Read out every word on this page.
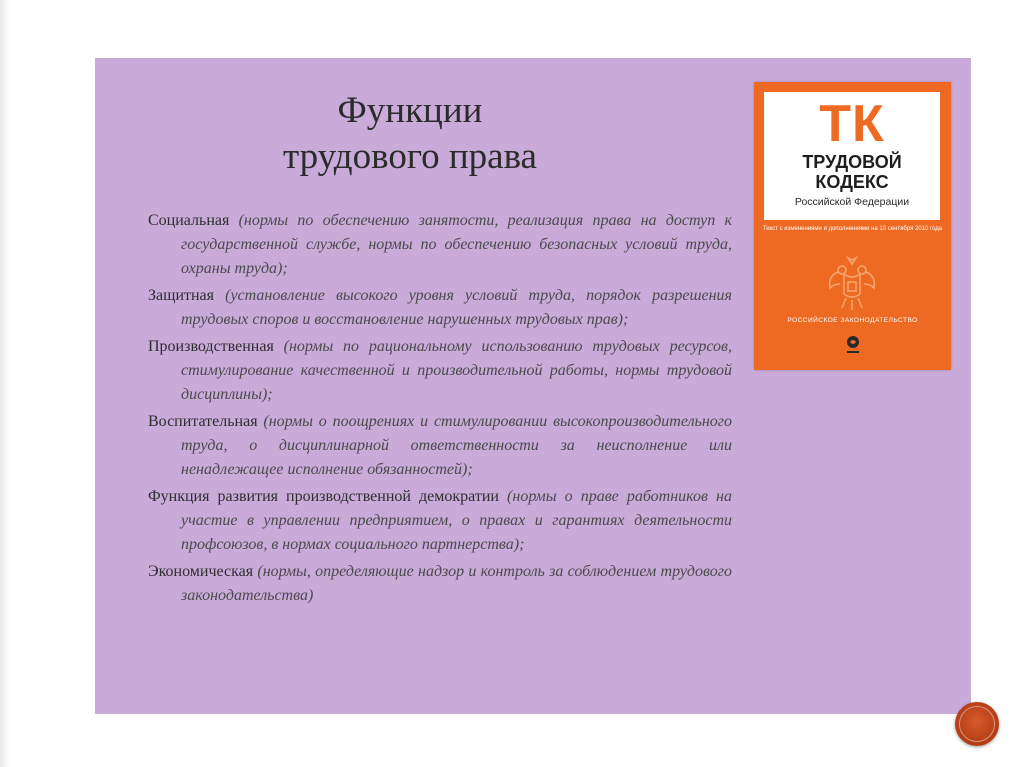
Функции
трудового права
Социальная (нормы по обеспечению занятости, реализация права на доступ к государственной службе, нормы по обеспечению безопасных условий труда, охраны труда);
Защитная (установление высокого уровня условий труда, порядок разрешения трудовых споров и восстановление нарушенных трудовых прав);
Производственная (нормы по рациональному использованию трудовых ресурсов, стимулирование качественной и производительной работы, нормы трудовой дисциплины);
Воспитательная (нормы о поощрениях и стимулировании высокопроизводительного труда, о дисциплинарной ответственности за неисполнение или ненадлежащее исполнение обязанностей);
Функция развития производственной демократии (нормы о праве работников на участие в управлении предприятием, о правах и гарантиях деятельности профсоюзов, в нормах социального партнерства);
Экономическая (нормы, определяющие надзор и контроль за соблюдением трудового законодательства)
ТК
ТРУДОВОЙ
КОДЕКС
Российской Федерации
Текст с изменениями и дополнениями на 10 сентября 2010 года
РОССИЙСКОЕ ЗАКОНОДАТЕЛЬСТВО
